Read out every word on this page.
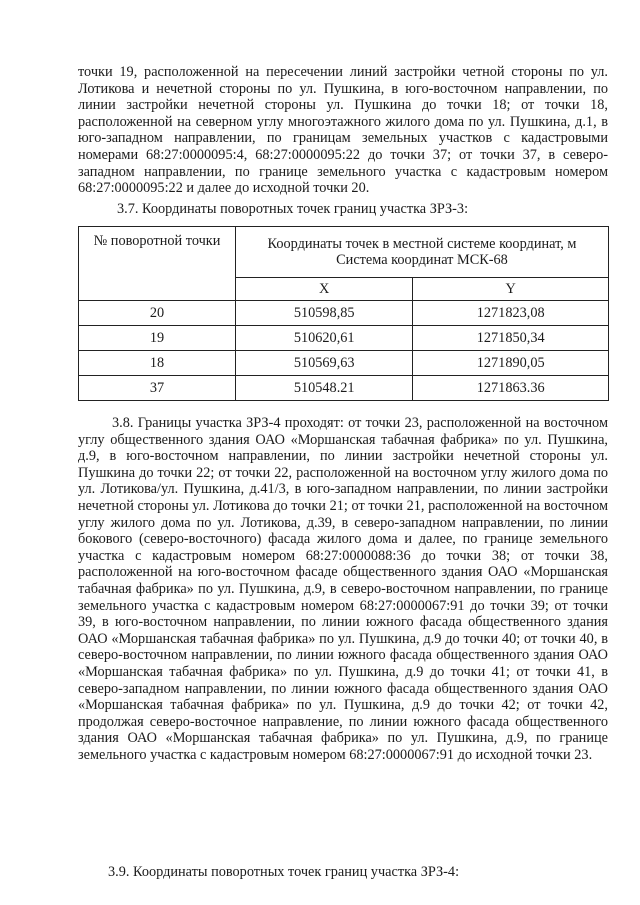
точки 19, расположенной на пересечении линий застройки четной стороны по ул. Лотикова и нечетной стороны по ул. Пушкина, в юго-восточном направлении, по линии застройки нечетной стороны ул. Пушкина до точки 18; от точки 18, расположенной на северном углу многоэтажного жилого дома по ул. Пушкина, д.1, в юго-западном направлении, по границам земельных участков с кадастровыми номерами 68:27:0000095:4, 68:27:0000095:22 до точки 37; от точки 37, в северо-западном направлении, по границе земельного участка с кадастровым номером 68:27:0000095:22 и далее до исходной точки 20.

3.7. Координаты поворотных точек границ участка ЗРЗ-3:

№ поворотной точки	Координаты точек в местной системе координат, м
Система координат МСК-68	
	X	Y
20	510598,85	1271823,08
19	510620,61	1271850,34
18	510569,63	1271890,05
37	510548.21	1271863.36

3.8. Границы участка ЗРЗ-4 проходят: от точки 23, расположенной на восточном углу общественного здания ОАО «Моршанская табачная фабрика» по ул. Пушкина, д.9, в юго-восточном направлении, по линии застройки нечетной стороны ул. Пушкина до точки 22; от точки 22, расположенной на восточном углу жилого дома по ул. Лотикова/ул. Пушкина, д.41/3, в юго-западном направлении, по линии застройки нечетной стороны ул. Лотикова до точки 21; от точки 21, расположенной на восточном углу жилого дома по ул. Лотикова, д.39, в северо-западном направлении, по линии бокового (северо-восточного) фасада жилого дома и далее, по границе земельного участка с кадастровым номером 68:27:0000088:36 до точки 38; от точки 38, расположенной на юго-восточном фасаде общественного здания ОАО «Моршанская табачная фабрика» по ул. Пушкина, д.9, в северо-восточном направлении, по границе земельного участка с кадастровым номером 68:27:0000067:91 до точки 39; от точки 39, в юго-восточном направлении, по линии южного фасада общественного здания ОАО «Моршанская табачная фабрика» по ул. Пушкина, д.9 до точки 40; от точки 40, в северо-восточном направлении, по линии южного фасада общественного здания ОАО «Моршанская табачная фабрика» по ул. Пушкина, д.9 до точки 41; от точки 41, в северо-западном направлении, по линии южного фасада общественного здания ОАО «Моршанская табачная фабрика» по ул. Пушкина, д.9 до точки 42; от точки 42, продолжая северо-восточное направление, по линии южного фасада общественного здания ОАО «Моршанская табачная фабрика» по ул. Пушкина, д.9, по границе земельного участка с кадастровым номером 68:27:0000067:91 до исходной точки 23.

3.9. Координаты поворотных точек границ участка ЗРЗ-4:
